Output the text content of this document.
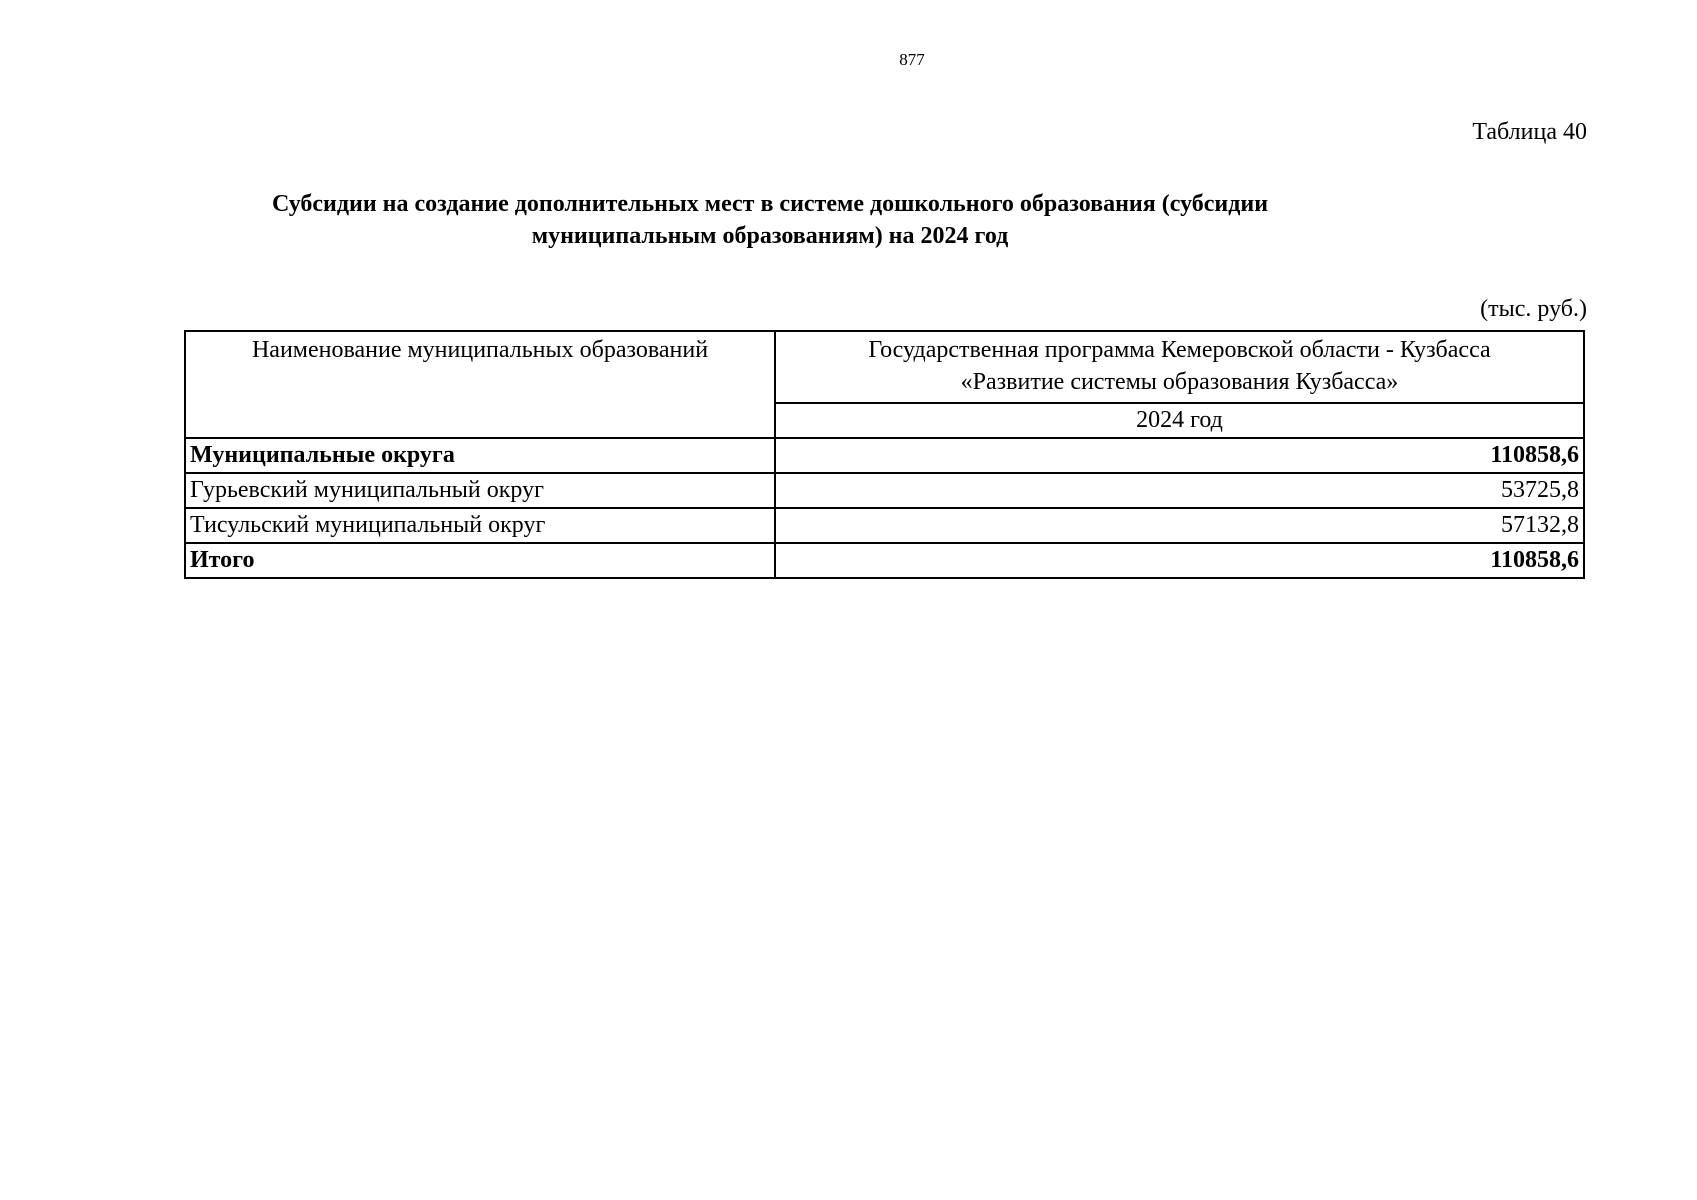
877
Таблица 40
Субсидии на создание дополнительных мест в системе дошкольного образования (субсидии муниципальным образованиям) на 2024 год
(тыс. руб.)
Наименование муниципальных образований	Государственная программа Кемеровской области - Кузбасса
«Развитие системы образования Кузбасса»

	2024 год
Муниципальные округа	110858,6
Гурьевский муниципальный округ	53725,8
Тисульский муниципальный округ	57132,8
Итого	110858,6
